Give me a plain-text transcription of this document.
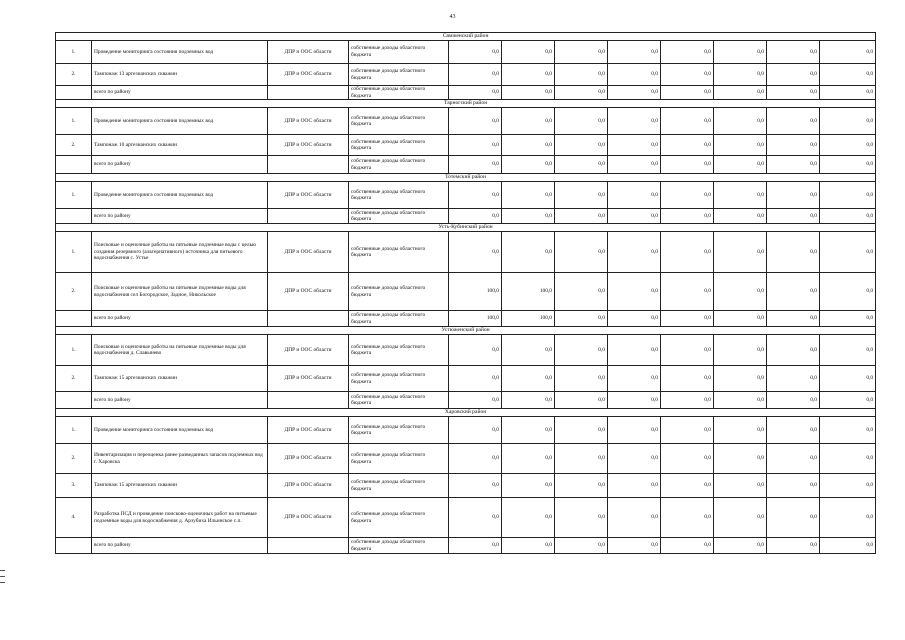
43
Сямженский район											
1.	Проведение мониторинга состояния подземных вод	ДПР и ООС области	собственные доходы областного бюджета	0,0	0,0	0,0	0,0	0,0	0,0	0,0	0,0
2.	Тампонаж 13 артезианских скважин	ДПР и ООС области	собственные доходы областного бюджета	0,0	0,0	0,0	0,0	0,0	0,0	0,0	0,0
	всего по району		собственные доходы областного бюджета	0,0	0,0	0,0	0,0	0,0	0,0	0,0	0,0
Тарногский район											
1.	Проведение мониторинга состояния подземных вод	ДПР и ООС области	собственные доходы областного бюджета	0,0	0,0	0,0	0,0	0,0	0,0	0,0	0,0
2.	Тампонаж 10 артезианских скважин	ДПР и ООС области	собственные доходы областного бюджета	0,0	0,0	0,0	0,0	0,0	0,0	0,0	0,0
	всего по району		собственные доходы областного бюджета	0,0	0,0	0,0	0,0	0,0	0,0	0,0	0,0
Тотемский район											
1.	Проведение мониторинга состояния подземных вод	ДПР и ООС области	собственные доходы областного бюджета	0,0	0,0	0,0	0,0	0,0	0,0	0,0	0,0
	всего по району		собственные доходы областного бюджета	0,0	0,0	0,0	0,0	0,0	0,0	0,0	0,0
Усть-Кубинский район											
1.	Поисковые и оценочные работы на питьевые подземные воды с целью создания резервного (альтернативного) источника для питьевого водоснабжения с. Устье	ДПР и ООС области	собственные доходы областного бюджета	0,0	0,0	0,0	0,0	0,0	0,0	0,0	0,0
2.	Поисковые и оценочные работы на питьевые подземные воды для водоснабжения сел Богородское, Задное, Никольское	ДПР и ООС области	собственные доходы областного бюджета	100,0	100,0	0,0	0,0	0,0	0,0	0,0	0,0
	всего по району		собственные доходы областного бюджета	100,0	100,0	0,0	0,0	0,0	0,0	0,0	0,0
Устюженский район											
1.	Поисковые и оценочные работы на питьевые подземные воды для водоснабжения д. Славынево	ДПР и ООС области	собственные доходы областного бюджета	0,0	0,0	0,0	0,0	0,0	0,0	0,0	0,0
2.	Тампонаж 15 артезианских скважин	ДПР и ООС области	собственные доходы областного бюджета	0,0	0,0	0,0	0,0	0,0	0,0	0,0	0,0
	всего по району		собственные доходы областного бюджета	0,0	0,0	0,0	0,0	0,0	0,0	0,0	0,0
Харовский район											
1.	Проведение мониторинга состояния подземных вод	ДПР и ООС области	собственные доходы областного бюджета	0,0	0,0	0,0	0,0	0,0	0,0	0,0	0,0
2.	Инвентаризация и переоценка ранее разведанных запасов подземных вод г. Харовска	ДПР и ООС области	собственные доходы областного бюджета	0,0	0,0	0,0	0,0	0,0	0,0	0,0	0,0
3.	Тампонаж 15 артезианских скважин	ДПР и ООС области	собственные доходы областного бюджета	0,0	0,0	0,0	0,0	0,0	0,0	0,0	0,0
4.	Разработка ПСД и проведение поисково-оценочных работ на питьевые подземные воды для водоснабжения д. Арзубиха Ильинское с.п.	ДПР и ООС области	собственные доходы областного бюджета	0,0	0,0	0,0	0,0	0,0	0,0	0,0	0,0
	всего по району		собственные доходы областного бюджета	0,0	0,0	0,0	0,0	0,0	0,0	0,0	0,0
